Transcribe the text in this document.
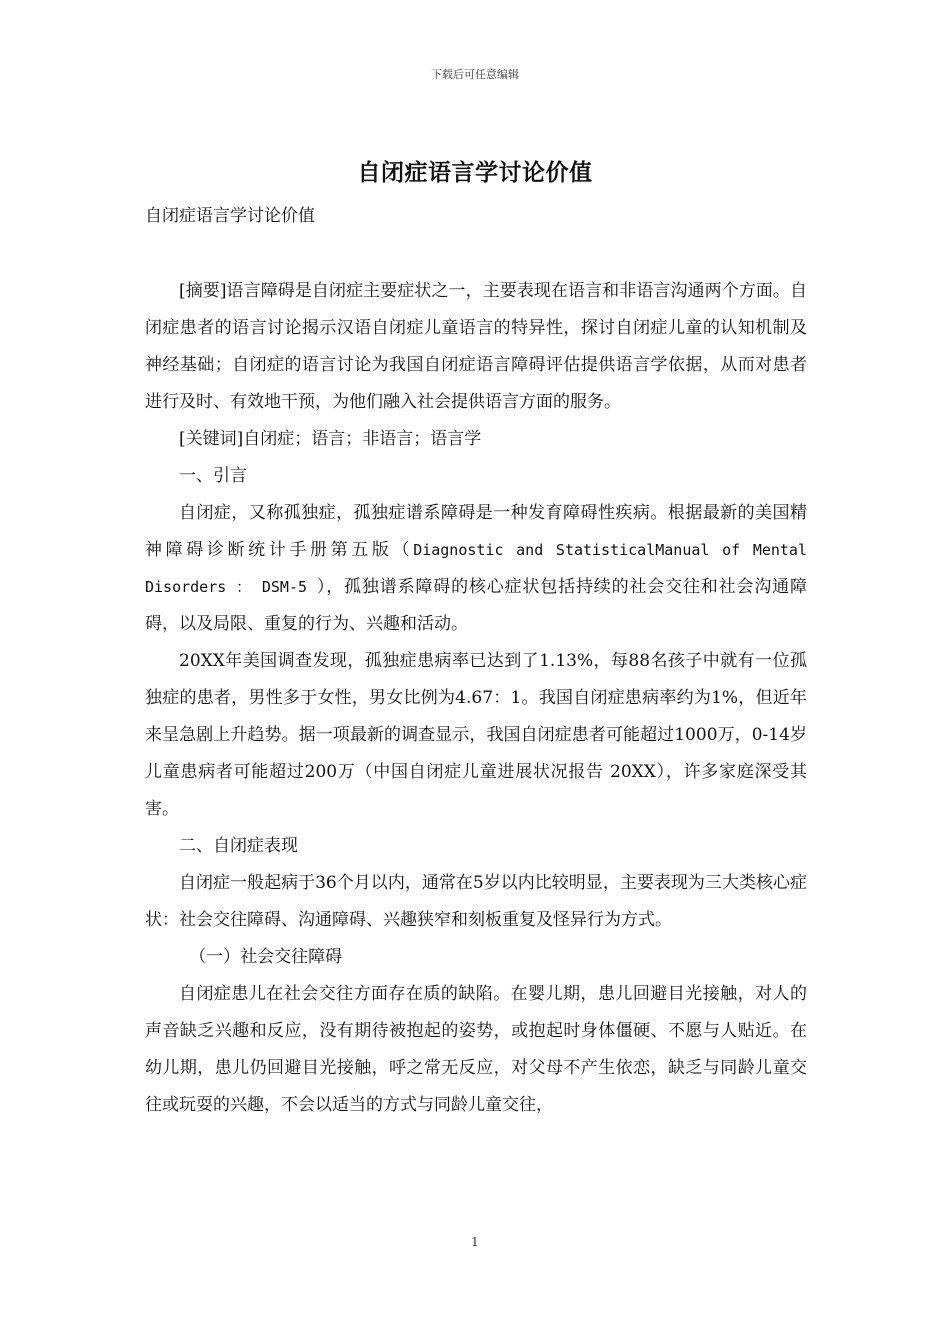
下载后可任意编辑
自闭症语言学讨论价值
自闭症语言学讨论价值

[摘要]语言障碍是自闭症主要症状之一，主要表现在语言和非语言沟通两个方面。自闭症患者的语言讨论揭示汉语自闭症儿童语言的特异性，探讨自闭症儿童的认知机制及神经基础；自闭症的语言讨论为我国自闭症语言障碍评估提供语言学依据，从而对患者进行及时、有效地干预，为他们融入社会提供语言方面的服务。

[关键词]自闭症；语言；非语言；语言学

一、引言

自闭症，又称孤独症，孤独症谱系障碍是一种发育障碍性疾病。根据最新的美国精神障碍诊断统计手册第五版（Diagnostic and StatisticalManual of Mental Disorders ： DSM-5 ），孤独谱系障碍的核心症状包括持续的社会交往和社会沟通障碍，以及局限、重复的行为、兴趣和活动。

20XX年美国调查发现，孤独症患病率已达到了1.13%，每88名孩子中就有一位孤独症的患者，男性多于女性，男女比例为4.67：1。我国自闭症患病率约为1%，但近年来呈急剧上升趋势。据一项最新的调查显示，我国自闭症患者可能超过1000万，0-14岁儿童患病者可能超过200万（中国自闭症儿童进展状况报告 20XX），许多家庭深受其害。

二、自闭症表现

自闭症一般起病于36个月以内，通常在5岁以内比较明显，主要表现为三大类核心症状：社会交往障碍、沟通障碍、兴趣狭窄和刻板重复及怪异行为方式。

（一）社会交往障碍

自闭症患儿在社会交往方面存在质的缺陷。在婴儿期，患儿回避目光接触，对人的声音缺乏兴趣和反应，没有期待被抱起的姿势，或抱起时身体僵硬、不愿与人贴近。在幼儿期，患儿仍回避目光接触，呼之常无反应，对父母不产生依恋，缺乏与同龄儿童交往或玩耍的兴趣，不会以适当的方式与同龄儿童交往，

1
